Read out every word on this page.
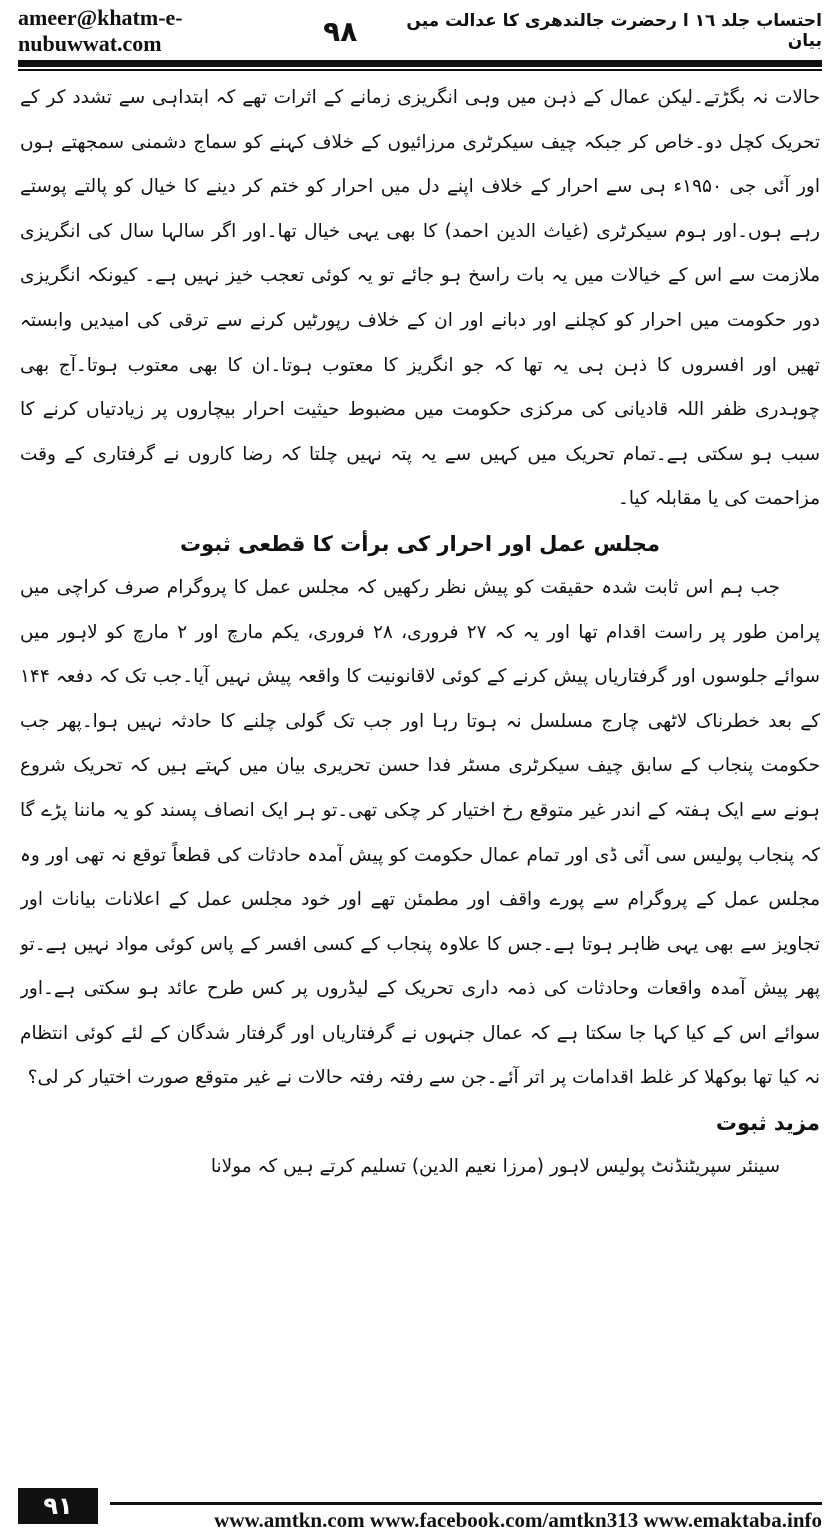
ameer@khatm-e-nubuwwat.com
احتساب جلد ١٦ ا رحضرت جالندھری کا عدالت میں بیان
٩٨

حالات نہ بگڑتے۔لیکن عمال کے ذہن میں وہی انگریزی زمانے کے اثرات تھے کہ ابتداہی سے تشدد کر کے تحریک کچل دو۔خاص کر جبکہ چیف سیکرٹری مرزائیوں کے خلاف کہنے کو سماج دشمنی سمجھتے ہوں اور آئی جی ۱۹۵۰ء ہی سے احرار کے خلاف اپنے دل میں احرار کو ختم کر دینے کا خیال کو پالتے پوستے رہے ہوں۔اور ہوم سیکرٹری (غیاث الدین احمد) کا بھی یہی خیال تھا۔اور اگر سالہا سال کی انگریزی ملازمت سے اس کے خیالات میں یہ بات راسخ ہو جائے تو یہ کوئی تعجب خیز نہیں ہے۔ کیونکہ انگریزی دور حکومت میں احرار کو کچلنے اور دبانے اور ان کے خلاف رپورٹیں کرنے سے ترقی کی امیدیں وابستہ تھیں اور افسروں کا ذہن ہی یہ تھا کہ جو انگریز کا معتوب ہوتا۔ان کا بھی معتوب ہوتا۔آج بھی چوہدری ظفر اللہ قادیانی کی مرکزی حکومت میں مضبوط حیثیت احرار بیچاروں پر زیادتیاں کرنے کا سبب ہو سکتی ہے۔تمام تحریک میں کہیں سے یہ پتہ نہیں چلتا کہ رضا کاروں نے گرفتاری کے وقت مزاحمت کی یا مقابلہ کیا۔

مجلس عمل اور احرار کی برأت کا قطعی ثبوت

جب ہم اس ثابت شدہ حقیقت کو پیش نظر رکھیں کہ مجلس عمل کا پروگرام صرف کراچی میں پرامن طور پر راست اقدام تھا اور یہ کہ ۲۷ فروری، ۲۸ فروری، یکم مارچ اور ۲ مارچ کو لاہور میں سوائے جلوسوں اور گرفتاریاں پیش کرنے کے کوئی لاقانونیت کا واقعہ پیش نہیں آیا۔جب تک کہ دفعہ ۱۴۴ کے بعد خطرناک لاٹھی چارج مسلسل نہ ہوتا رہا اور جب تک گولی چلنے کا حادثہ نہیں ہوا۔پھر جب حکومت پنجاب کے سابق چیف سیکرٹری مسٹر فدا حسن تحریری بیان میں کہتے ہیں کہ تحریک شروع ہونے سے ایک ہفتہ کے اندر غیر متوقع رخ اختیار کر چکی تھی۔تو ہر ایک انصاف پسند کو یہ ماننا پڑے گا کہ پنجاب پولیس سی آئی ڈی اور تمام عمال حکومت کو پیش آمدہ حادثات کی قطعاً توقع نہ تھی اور وہ مجلس عمل کے پروگرام سے پورے واقف اور مطمئن تھے اور خود مجلس عمل کے اعلانات بیانات اور تجاویز سے بھی یہی ظاہر ہوتا ہے۔جس کا علاوہ پنجاب کے کسی افسر کے پاس کوئی مواد نہیں ہے۔تو پھر پیش آمدہ واقعات وحادثات کی ذمہ داری تحریک کے لیڈروں پر کس طرح عائد ہو سکتی ہے۔اور سوائے اس کے کیا کہا جا سکتا ہے کہ عمال جنہوں نے گرفتاریاں اور گرفتار شدگان کے لئے کوئی انتظام نہ کیا تھا بوکھلا کر غلط اقدامات پر اتر آئے۔جن سے رفتہ رفتہ حالات نے غیر متوقع صورت اختیار کر لی؟

مزید ثبوت

سینئر سپریٹنڈنٹ پولیس لاہور (مرزا نعیم الدین) تسلیم کرتے ہیں کہ مولانا

٩١	www.amtkn.com www.facebook.com/amtkn313 www.emaktaba.info
